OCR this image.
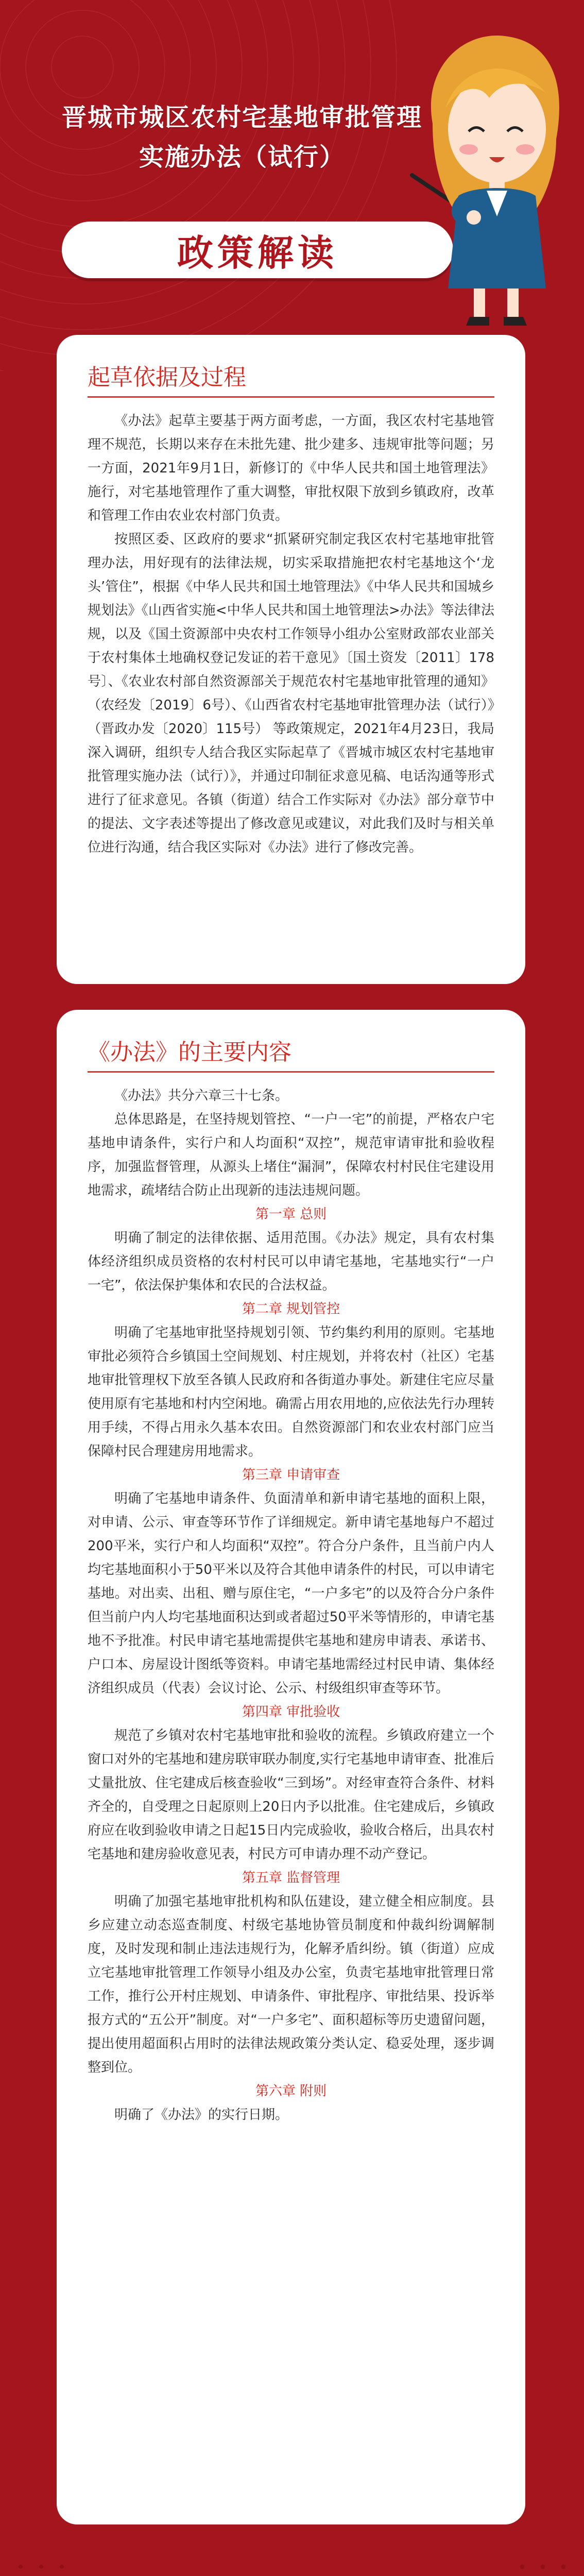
晋城市城区农村宅基地审批管理
实施办法（试行）
政策解读
起草依据及过程

《办法》起草主要基于两方面考虑，一方面，我区农村宅基地管理不规范，长期以来存在未批先建、批少建多、违规审批等问题；另一方面，2021年9月1日，新修订的《中华人民共和国土地管理法》施行，对宅基地管理作了重大调整，审批权限下放到乡镇政府，改革和管理工作由农业农村部门负责。

按照区委、区政府的要求“抓紧研究制定我区农村宅基地审批管理办法，用好现有的法律法规，切实采取措施把农村宅基地这个‘龙头’管住”，根据《中华人民共和国土地管理法》《中华人民共和国城乡规划法》《山西省实施<中华人民共和国土地管理法>办法》等法律法规，以及《国土资源部中央农村工作领导小组办公室财政部农业部关于农村集体土地确权登记发证的若干意见》〔国土资发〔2011〕178号〕、《农业农村部自然资源部关于规范农村宅基地审批管理的通知》（农经发〔2019〕6号）、《山西省农村宅基地审批管理办法（试行）》（晋政办发〔2020〕115号） 等政策规定，2021年4月23日，我局深入调研，组织专人结合我区实际起草了《晋城市城区农村宅基地审批管理实施办法（试行）》，并通过印制征求意见稿、电话沟通等形式进行了征求意见。各镇（街道）结合工作实际对《办法》部分章节中的提法、文字表述等提出了修改意见或建议，对此我们及时与相关单位进行沟通，结合我区实际对《办法》进行了修改完善。

《办法》的主要内容

《办法》共分六章三十七条。

总体思路是，在坚持规划管控、“一户一宅”的前提，严格农户宅基地申请条件，实行户和人均面积“双控”，规范审请审批和验收程序，加强监督管理，从源头上堵住“漏洞”，保障农村村民住宅建设用地需求，疏堵结合防止出现新的违法违规问题。

第一章 总则

明确了制定的法律依据、适用范围。《办法》规定，具有农村集体经济组织成员资格的农村村民可以申请宅基地，宅基地实行“一户一宅”，依法保护集体和农民的合法权益。

第二章 规划管控

明确了宅基地审批坚持规划引领、节约集约利用的原则。宅基地审批必须符合乡镇国土空间规划、村庄规划，并将农村（社区）宅基地审批管理权下放至各镇人民政府和各街道办事处。新建住宅应尽量使用原有宅基地和村内空闲地。确需占用农用地的,应依法先行办理转用手续，不得占用永久基本农田。自然资源部门和农业农村部门应当保障村民合理建房用地需求。

第三章 申请审查

明确了宅基地申请条件、负面清单和新申请宅基地的面积上限，对申请、公示、审查等环节作了详细规定。新申请宅基地每户不超过200平米，实行户和人均面积“双控”。符合分户条件，且当前户内人均宅基地面积小于50平米以及符合其他申请条件的村民，可以申请宅基地。对出卖、出租、赠与原住宅，“一户多宅”的以及符合分户条件但当前户内人均宅基地面积达到或者超过50平米等情形的，申请宅基地不予批准。村民申请宅基地需提供宅基地和建房申请表、承诺书、户口本、房屋设计图纸等资料。申请宅基地需经过村民申请、集体经济组织成员（代表）会议讨论、公示、村级组织审查等环节。

第四章 审批验收

规范了乡镇对农村宅基地审批和验收的流程。乡镇政府建立一个窗口对外的宅基地和建房联审联办制度,实行宅基地申请审查、批准后丈量批放、住宅建成后核查验收“三到场”。对经审查符合条件、材料齐全的，自受理之日起原则上20日内予以批准。住宅建成后，乡镇政府应在收到验收申请之日起15日内完成验收，验收合格后，出具农村宅基地和建房验收意见表，村民方可申请办理不动产登记。

第五章 监督管理

明确了加强宅基地审批机构和队伍建设，建立健全相应制度。县乡应建立动态巡查制度、村级宅基地协管员制度和仲裁纠纷调解制度，及时发现和制止违法违规行为，化解矛盾纠纷。镇（街道）应成立宅基地审批管理工作领导小组及办公室，负责宅基地审批管理日常工作，推行公开村庄规划、申请条件、审批程序、审批结果、投诉举报方式的“五公开”制度。对“一户多宅”、面积超标等历史遗留问题，提出使用超面积占用时的法律法规政策分类认定、稳妥处理，逐步调整到位。

第六章 附则

明确了《办法》的实行日期。
